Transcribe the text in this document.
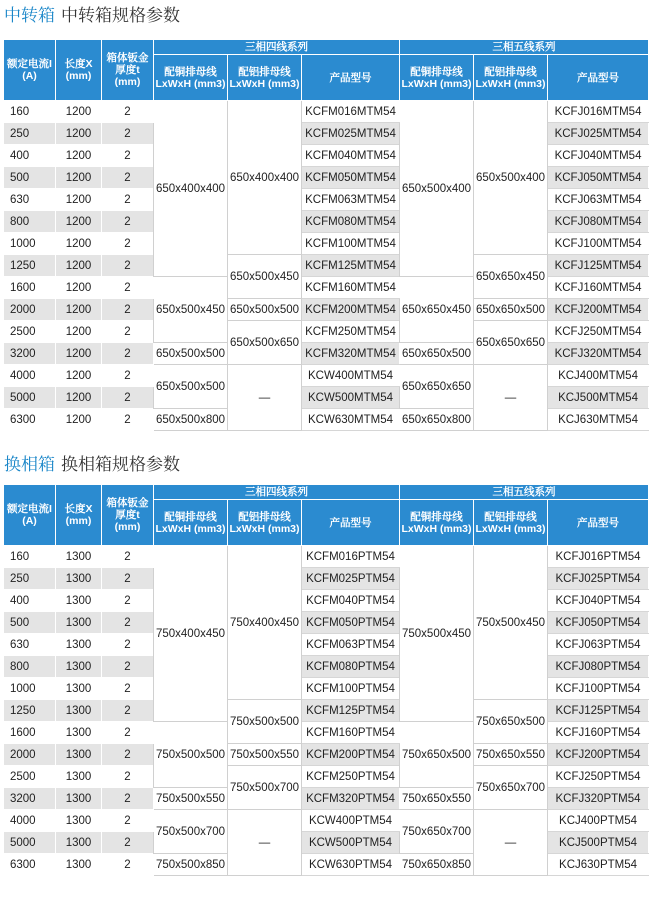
中转箱 中转箱规格参数
额定电流I (A)	长度X (mm)	箱体钣金厚度t (mm)	三相四线系列			三相五线系列		
			配铜排母线 LxWxH (mm3)	配铝排母线 LxWxH (mm3)	产品型号	配铜排母线 LxWxH (mm3)	配铝排母线 LxWxH (mm3)	产品型号
160	1200	2	650x400x400	650x400x400	KCFM016MTM54	650x500x400	650x500x400	KCFJ016MTM54
250	1200	2			KCFM025MTM54			KCFJ025MTM54
400	1200	2			KCFM040MTM54			KCFJ040MTM54
500	1200	2			KCFM050MTM54			KCFJ050MTM54
630	1200	2			KCFM063MTM54			KCFJ063MTM54
800	1200	2			KCFM080MTM54			KCFJ080MTM54
1000	1200	2			KCFM100MTM54			KCFJ100MTM54
1250	1200	2		650x500x450	KCFM125MTM54		650x650x450	KCFJ125MTM54
1600	1200	2	650x500x450		KCFM160MTM54	650x650x450		KCFJ160MTM54
2000	1200	2		650x500x500	KCFM200MTM54		650x650x500	KCFJ200MTM54
2500	1200	2		650x500x650	KCFM250MTM54		650x650x650	KCFJ250MTM54
3200	1200	2	650x500x500		KCFM320MTM54	650x650x500		KCFJ320MTM54
4000	1200	2	650x500x500	—	KCW400MTM54	650x650x650	—	KCJ400MTM54
5000	1200	2			KCW500MTM54			KCJ500MTM54
6300	1200	2	650x500x800		KCW630MTM54	650x650x800		KCJ630MTM54
换相箱 换相箱规格参数
额定电流I (A)	长度X (mm)	箱体钣金厚度t (mm)	三相四线系列			三相五线系列		
			配铜排母线 LxWxH (mm3)	配铝排母线 LxWxH (mm3)	产品型号	配铜排母线 LxWxH (mm3)	配铝排母线 LxWxH (mm3)	产品型号
160	1300	2	750x400x450	750x400x450	KCFM016PTM54	750x500x450	750x500x450	KCFJ016PTM54
250	1300	2			KCFM025PTM54			KCFJ025PTM54
400	1300	2			KCFM040PTM54			KCFJ040PTM54
500	1300	2			KCFM050PTM54			KCFJ050PTM54
630	1300	2			KCFM063PTM54			KCFJ063PTM54
800	1300	2			KCFM080PTM54			KCFJ080PTM54
1000	1300	2			KCFM100PTM54			KCFJ100PTM54
1250	1300	2		750x500x500	KCFM125PTM54		750x650x500	KCFJ125PTM54
1600	1300	2	750x500x500		KCFM160PTM54	750x650x500		KCFJ160PTM54
2000	1300	2		750x500x550	KCFM200PTM54		750x650x550	KCFJ200PTM54
2500	1300	2		750x500x700	KCFM250PTM54		750x650x700	KCFJ250PTM54
3200	1300	2	750x500x550		KCFM320PTM54	750x650x550		KCFJ320PTM54
4000	1300	2	750x500x700	—	KCW400PTM54	750x650x700	—	KCJ400PTM54
5000	1300	2			KCW500PTM54			KCJ500PTM54
6300	1300	2	750x500x850		KCW630PTM54	750x650x850		KCJ630PTM54
